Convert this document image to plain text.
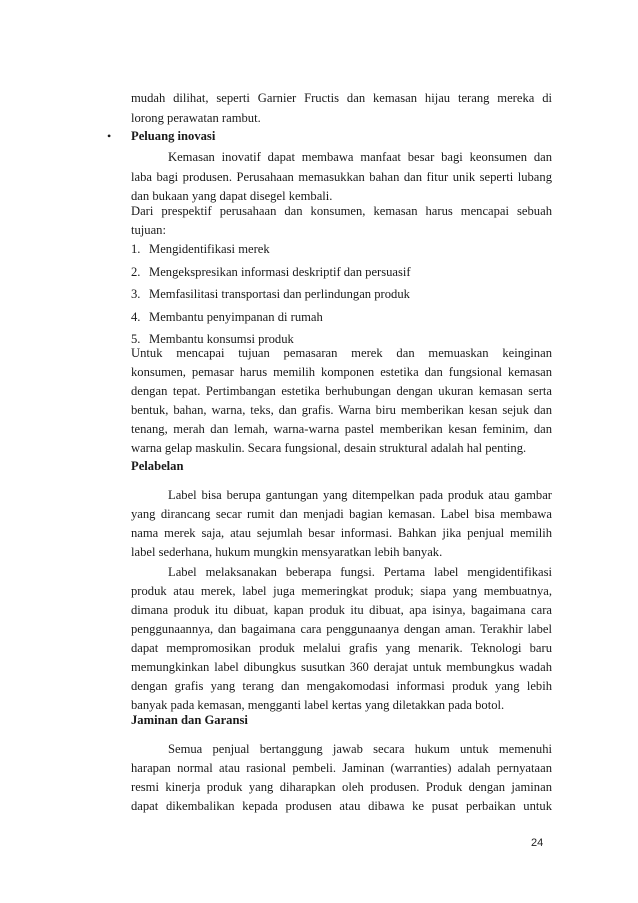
mudah dilihat, seperti Garnier Fructis dan kemasan hijau terang mereka di
lorong perawatan rambut.
• Peluang inovasi
Kemasan inovatif dapat membawa manfaat besar bagi keonsumen dan
laba bagi produsen. Perusahaan memasukkan bahan dan fitur unik seperti lubang
dan bukaan yang dapat disegel kembali.
Dari prespektif perusahaan dan konsumen, kemasan harus mencapai sebuah
tujuan:
1. Mengidentifikasi merek
2. Mengekspresikan informasi deskriptif dan persuasif
3. Memfasilitasi transportasi dan perlindungan produk
4. Membantu penyimpanan di rumah
5. Membantu konsumsi produk
Untuk mencapai tujuan pemasaran merek dan memuaskan keinginan
konsumen, pemasar harus memilih komponen estetika dan fungsional kemasan
dengan tepat. Pertimbangan estetika berhubungan dengan ukuran kemasan serta
bentuk, bahan, warna, teks, dan grafis. Warna biru memberikan kesan sejuk dan
tenang, merah dan lemah, warna-warna pastel memberikan kesan feminim, dan
warna gelap maskulin. Secara fungsional, desain struktural adalah hal penting.
Pelabelan
Label bisa berupa gantungan yang ditempelkan pada produk atau gambar
yang dirancang secar rumit dan menjadi bagian kemasan. Label bisa membawa
nama merek saja, atau sejumlah besar informasi. Bahkan jika penjual memilih
label sederhana, hukum mungkin mensyaratkan lebih banyak.
Label melaksanakan beberapa fungsi. Pertama label mengidentifikasi
produk atau merek, label juga memeringkat produk; siapa yang membuatnya,
dimana produk itu dibuat, kapan produk itu dibuat, apa isinya, bagaimana cara
penggunaannya, dan bagaimana cara penggunaanya dengan aman. Terakhir label
dapat mempromosikan produk melalui grafis yang menarik. Teknologi baru
memungkinkan label dibungkus susutkan 360 derajat untuk membungkus wadah
dengan grafis yang terang dan mengakomodasi informasi produk yang lebih
banyak pada kemasan, mengganti label kertas yang diletakkan pada botol.
Jaminan dan Garansi
Semua penjual bertanggung jawab secara hukum untuk memenuhi
harapan normal atau rasional pembeli. Jaminan (warranties) adalah pernyataan
resmi kinerja produk yang diharapkan oleh produsen. Produk dengan jaminan
dapat dikembalikan kepada produsen atau dibawa ke pusat perbaikan untuk
24
